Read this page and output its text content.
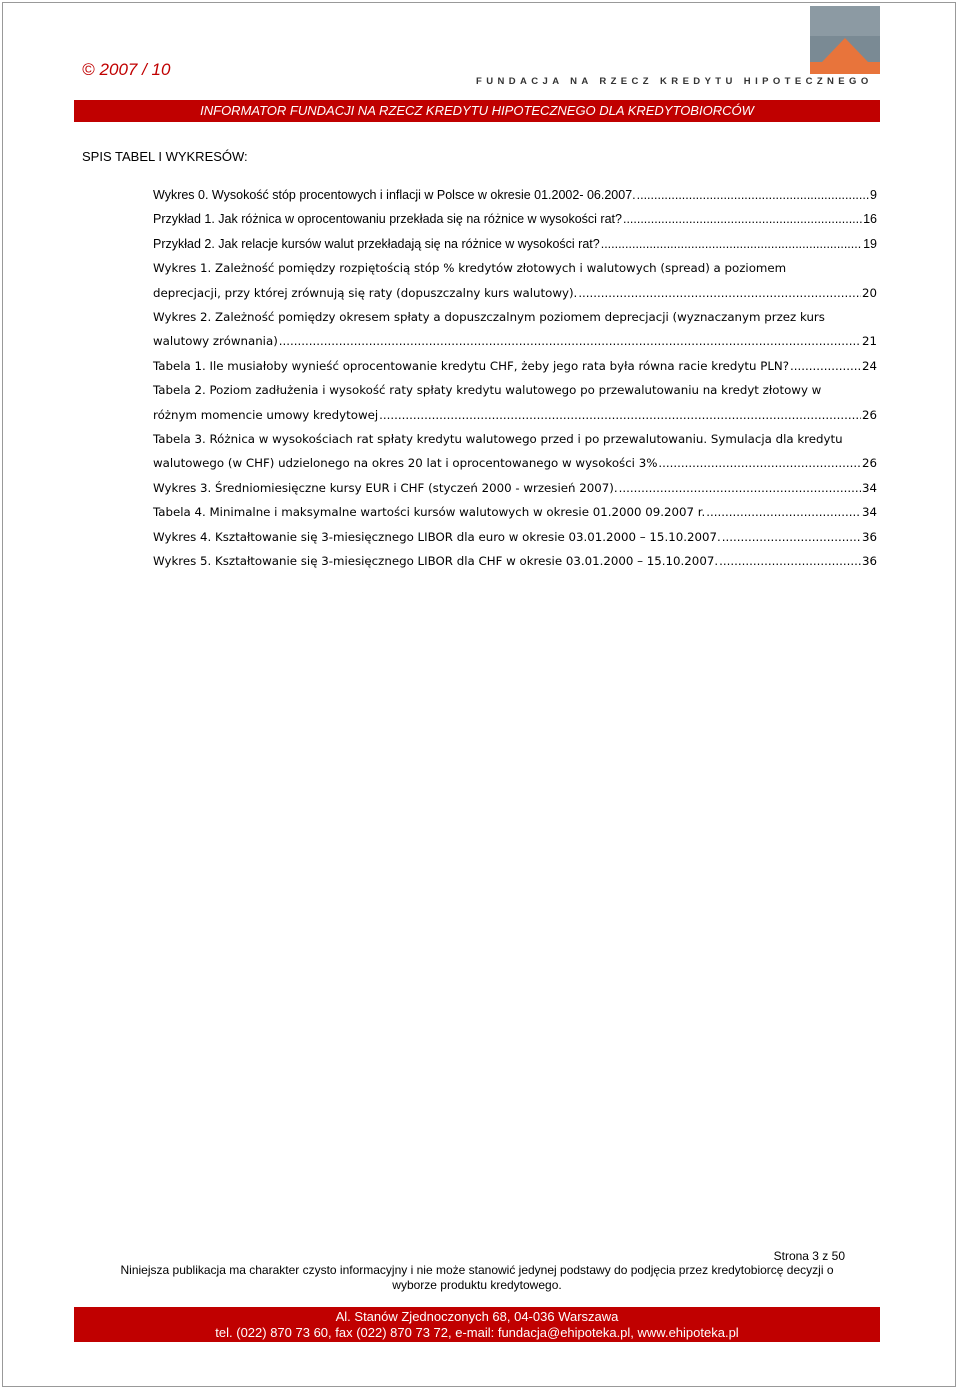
© 2007 / 10
FUNDACJA NA RZECZ KREDYTU HIPOTECZNEGO
INFORMATOR FUNDACJI NA RZECZ KREDYTU HIPOTECZNEGO DLA KREDYTOBIORCÓW
SPIS TABEL I WYKRESÓW:
Wykres 0. Wysokość stóp procentowych i inflacji w Polsce w okresie 01.2002- 06.2007. .....	9
Przykład 1. Jak różnica w oprocentowaniu przekłada się na różnice w wysokości rat? .....	16
Przykład 2. Jak relacje kursów walut przekładają się na różnice w wysokości rat? .....	19
Wykres 1. Zależność pomiędzy rozpiętością stóp % kredytów złotowych i walutowych (spread) a poziomem
deprecjacji, przy której zrównują się raty (dopuszczalny kurs walutowy). .....	20
Wykres 2. Zależność pomiędzy okresem spłaty a dopuszczalnym poziomem deprecjacji (wyznaczanym przez kurs
walutowy zrównania) .....	21
Tabela 1. Ile musiałoby wynieść oprocentowanie kredytu CHF, żeby jego rata była równa racie kredytu PLN? .....	24
Tabela 2. Poziom zadłużenia i wysokość raty spłaty kredytu walutowego po przewalutowaniu na kredyt złotowy w
różnym momencie umowy kredytowej .....	26
Tabela 3. Różnica w wysokościach rat spłaty kredytu walutowego przed i po przewalutowaniu. Symulacja dla kredytu
walutowego (w CHF) udzielonego na okres 20 lat i oprocentowanego w wysokości 3% .....	26
Wykres 3. Średniomiesięczne kursy EUR i CHF (styczeń 2000 - wrzesień 2007). .....	34
Tabela 4. Minimalne i maksymalne wartości kursów walutowych w okresie 01.2000 09.2007 r. .....	34
Wykres 4. Kształtowanie się 3-miesięcznego LIBOR dla euro w okresie 03.01.2000 – 15.10.2007. .....	36
Wykres 5. Kształtowanie się 3-miesięcznego LIBOR dla CHF w okresie 03.01.2000 – 15.10.2007. .....	36
Strona 3 z 50
Niniejsza publikacja ma charakter czysto informacyjny i nie może stanowić jedynej podstawy do podjęcia przez kredytobiorcę decyzji o
wyborze produktu kredytowego.
Al. Stanów Zjednoczonych 68, 04-036 Warszawa
tel. (022) 870 73 60, fax (022) 870 73 72, e-mail: fundacja@ehipoteka.pl, www.ehipoteka.pl
